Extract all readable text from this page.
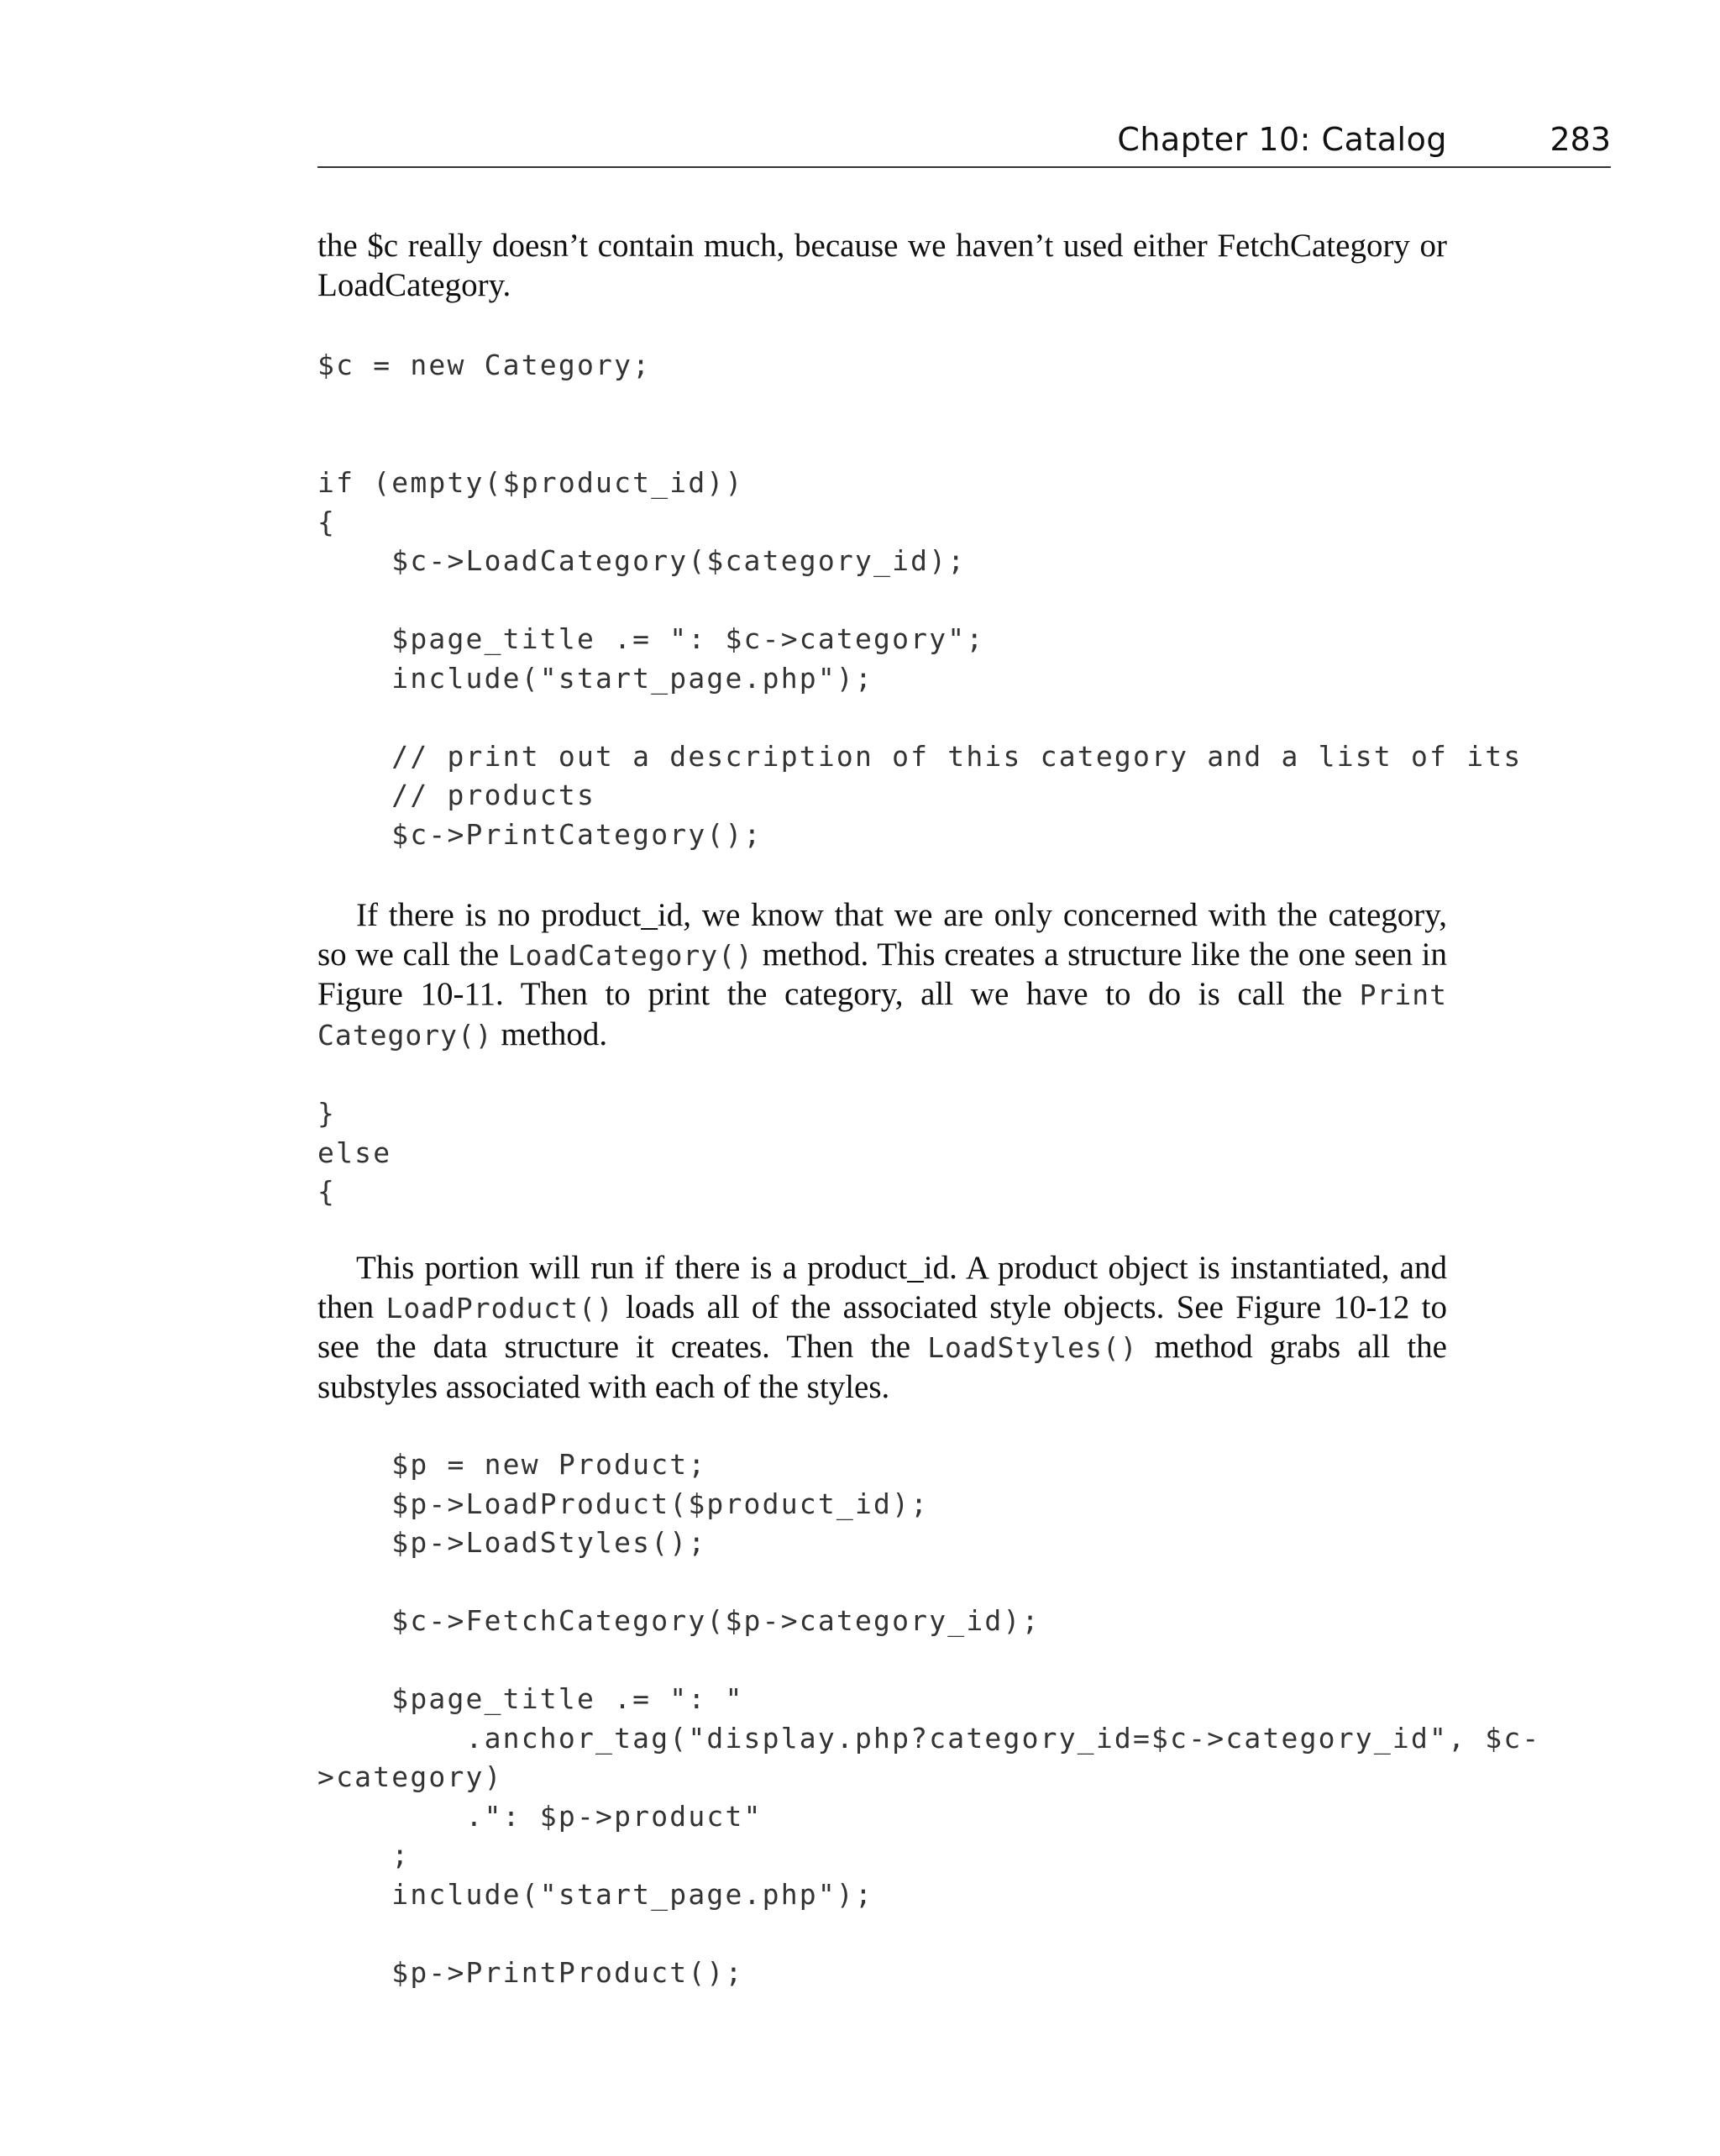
Chapter 10: Catalog	283

the $c really doesn’t contain much, because we haven’t used either FetchCategory or LoadCategory.

$c = new Category;
if (empty($product_id))
{
$c->LoadCategory($category_id);

$page_title .= ": $c->category";
include("start_page.php");

// print out a description of this category and a list of its
// products
$c->PrintCategory();

If there is no product_id, we know that we are only concerned with the category, so we call the LoadCategory() method. This creates a structure like the one seen in Figure 10-11. Then to print the category, all we have to do is call the Print Category() method.

}
else
{

This portion will run if there is a product_id. A product object is instantiated, and then LoadProduct() loads all of the associated style objects. See Figure 10-12 to see the data structure it creates. Then the LoadStyles() method grabs all the substyles associated with each of the styles.

$p = new Product;
$p->LoadProduct($product_id);
$p->LoadStyles();

$c->FetchCategory($p->category_id);

$page_title .= ": "
.anchor_tag("display.php?category_id=$c->category_id", $c-
>category)
.": $p->product"
;
include("start_page.php");

$p->PrintProduct();
